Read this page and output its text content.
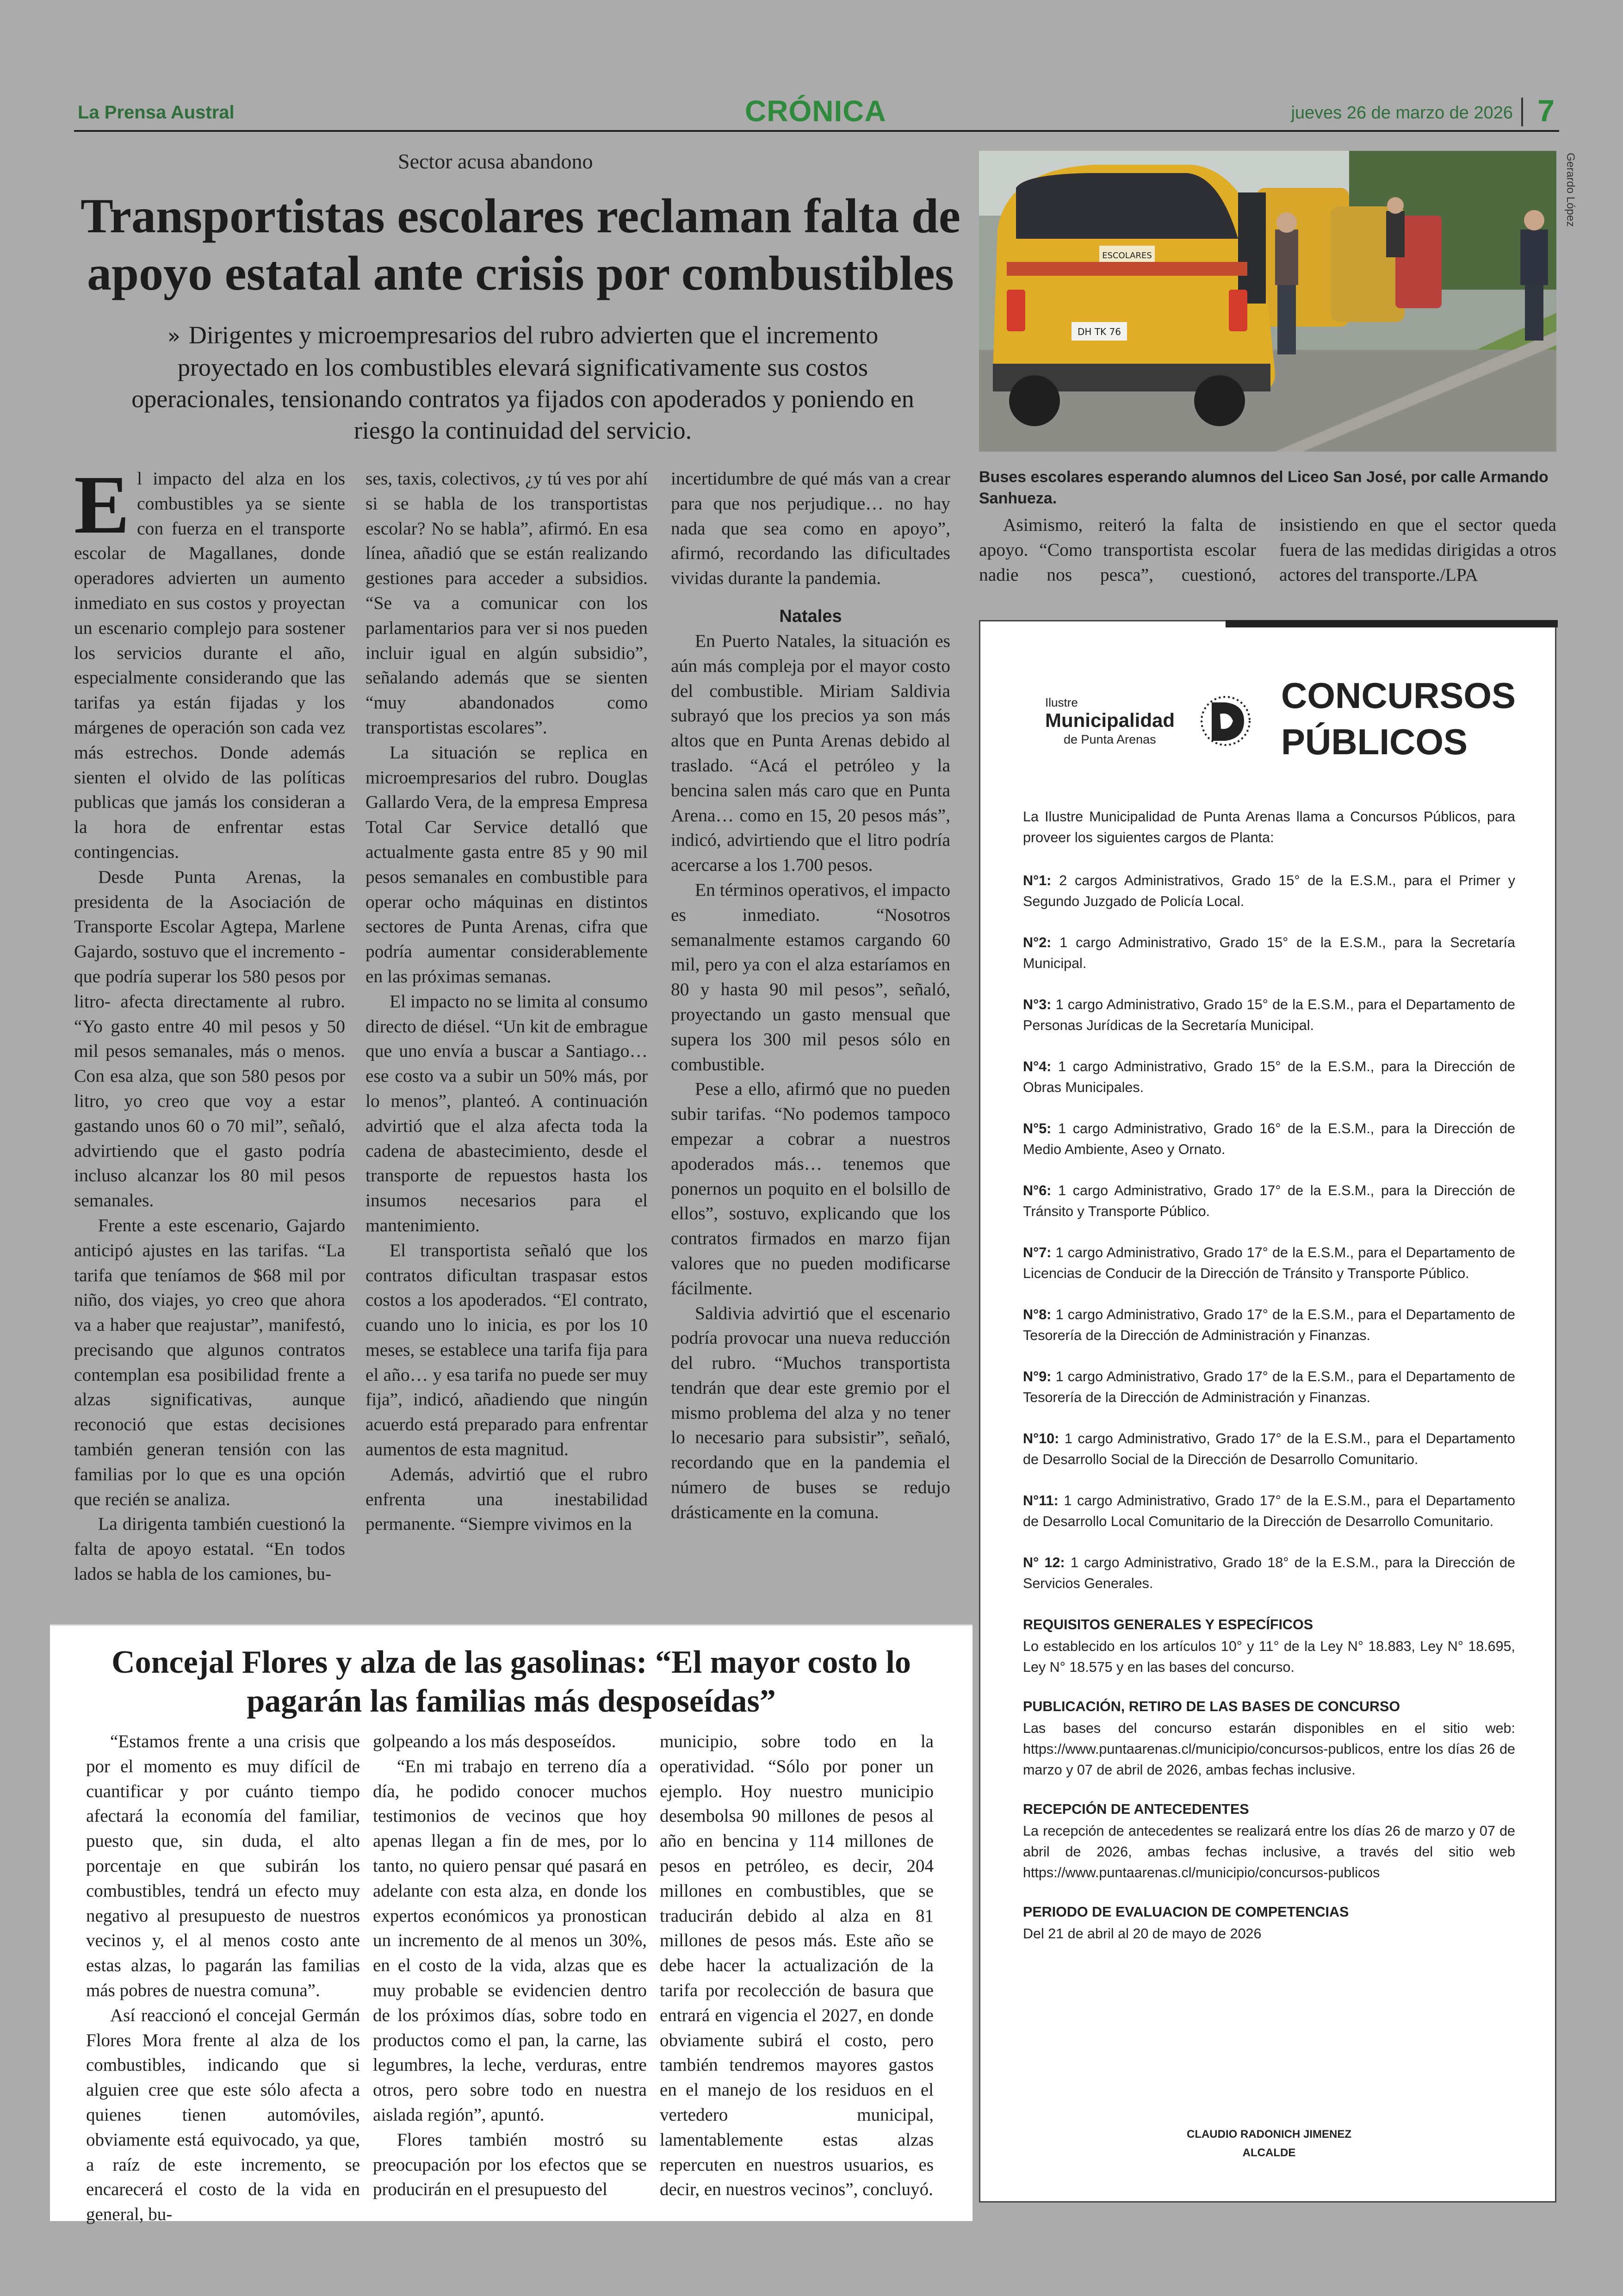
La Prensa Austral	CRÓNICA	jueves 26 de marzo de 2026 7
Sector acusa abandono
Transportistas escolares reclaman falta de apoyo estatal ante crisis por combustibles
» Dirigentes y microempresarios del rubro advierten que el incremento proyectado en los combustibles elevará significativamente sus costos operacionales, tensionando contratos ya fijados con apoderados y poniendo en riesgo la continuidad del servicio.
ESCOLARES
DH TK 76
Gerardo López
Buses escolares esperando alumnos del Liceo San José, por calle Armando Sanhueza.

El impacto del alza en los combustibles ya se siente con fuerza en el transporte escolar de Magallanes, donde operadores advierten un aumento inmediato en sus costos y proyectan un escenario complejo para sostener los servicios durante el año, especialmente considerando que las tarifas ya están fijadas y los márgenes de operación son cada vez más estrechos. Donde además sienten el olvido de las políticas publicas que jamás los consideran a la hora de enfrentar estas contingencias.

Desde Punta Arenas, la presidenta de la Asociación de Transporte Escolar Agtepa, Marlene Gajardo, sostuvo que el incremento -que podría superar los 580 pesos por litro- afecta directamente al rubro. “Yo gasto entre 40 mil pesos y 50 mil pesos semanales, más o menos. Con esa alza, que son 580 pesos por litro, yo creo que voy a estar gastando unos 60 o 70 mil”, señaló, advirtiendo que el gasto podría incluso alcanzar los 80 mil pesos semanales.

Frente a este escenario, Gajardo anticipó ajustes en las tarifas. “La tarifa que teníamos de $68 mil por niño, dos viajes, yo creo que ahora va a haber que reajustar”, manifestó, precisando que algunos contratos contemplan esa posibilidad frente a alzas significativas, aunque reconoció que estas decisiones también generan tensión con las familias por lo que es una opción que recién se analiza.

La dirigenta también cuestionó la falta de apoyo estatal. “En todos lados se habla de los camiones, bu-

ses, taxis, colectivos, ¿y tú ves por ahí si se habla de los transportistas escolar? No se habla”, afirmó. En esa línea, añadió que se están realizando gestiones para acceder a subsidios. “Se va a comunicar con los parlamentarios para ver si nos pueden incluir igual en algún subsidio”, señalando además que se sienten “muy abandonados como transportistas escolares”.

La situación se replica en microempresarios del rubro. Douglas Gallardo Vera, de la empresa Empresa Total Car Service detalló que actualmente gasta entre 85 y 90 mil pesos semanales en combustible para operar ocho máquinas en distintos sectores de Punta Arenas, cifra que podría aumentar considerablemente en las próximas semanas.

El impacto no se limita al consumo directo de diésel. “Un kit de embrague que uno envía a buscar a Santiago… ese costo va a subir un 50% más, por lo menos”, planteó. A continuación advirtió que el alza afecta toda la cadena de abastecimiento, desde el transporte de repuestos hasta los insumos necesarios para el mantenimiento.

El transportista señaló que los contratos dificultan traspasar estos costos a los apoderados. “El contrato, cuando uno lo inicia, es por los 10 meses, se establece una tarifa fija para el año… y esa tarifa no puede ser muy fija”, indicó, añadiendo que ningún acuerdo está preparado para enfrentar aumentos de esta magnitud.

Además, advirtió que el rubro enfrenta una inestabilidad permanente. “Siempre vivimos en la

incertidumbre de qué más van a crear para que nos perjudique… no hay nada que sea como en apoyo”, afirmó, recordando las dificultades vividas durante la pandemia.

Natales

En Puerto Natales, la situación es aún más compleja por el mayor costo del combustible. Miriam Saldivia subrayó que los precios ya son más altos que en Punta Arenas debido al traslado. “Acá el petróleo y la bencina salen más caro que en Punta Arena… como en 15, 20 pesos más”, indicó, advirtiendo que el litro podría acercarse a los 1.700 pesos.

En términos operativos, el impacto es inmediato. “Nosotros semanalmente estamos cargando 60 mil, pero ya con el alza estaríamos en 80 y hasta 90 mil pesos”, señaló, proyectando un gasto mensual que supera los 300 mil pesos sólo en combustible.

Pese a ello, afirmó que no pueden subir tarifas. “No podemos tampoco empezar a cobrar a nuestros apoderados más… tenemos que ponernos un poquito en el bolsillo de ellos”, sostuvo, explicando que los contratos firmados en marzo fijan valores que no pueden modificarse fácilmente.

Saldivia advirtió que el escenario podría provocar una nueva reducción del rubro. “Muchos transportista tendrán que dear este gremio por el mismo problema del alza y no tener lo necesario para subsistir”, señaló, recordando que en la pandemia el número de buses se redujo drásticamente en la comuna.

Asimismo, reiteró la falta de apoyo. “Como transportista escolar nadie nos pesca”, cuestionó, insistiendo en que el sector queda fuera de las medidas dirigidas a otros actores del transporte./LPA

Concejal Flores y alza de las gasolinas: “El mayor costo lo pagarán las familias más desposeídas”

“Estamos frente a una crisis que por el momento es muy difícil de cuantificar y por cuánto tiempo afectará la economía del familiar, puesto que, sin duda, el alto porcentaje en que subirán los combustibles, tendrá un efecto muy negativo al presupuesto de nuestros vecinos y, el al menos costo ante estas alzas, lo pagarán las familias más pobres de nuestra comuna”.

Así reaccionó el concejal Germán Flores Mora frente al alza de los combustibles, indicando que si alguien cree que este sólo afecta a quienes tienen automóviles, obviamente está equivocado, ya que, a raíz de este incremento, se encarecerá el costo de la vida en general, bu-

golpeando a los más desposeídos.

“En mi trabajo en terreno día a día, he podido conocer muchos testimonios de vecinos que hoy apenas llegan a fin de mes, por lo tanto, no quiero pensar qué pasará en adelante con esta alza, en donde los expertos económicos ya pronostican un incremento de al menos un 30%, en el costo de la vida, alzas que es muy probable se evidencien dentro de los próximos días, sobre todo en productos como el pan, la carne, las legumbres, la leche, verduras, entre otros, pero sobre todo en nuestra aislada región”, apuntó.

Flores también mostró su preocupación por los efectos que se producirán en el presupuesto del

municipio, sobre todo en la operatividad. “Sólo por poner un ejemplo. Hoy nuestro municipio desembolsa 90 millones de pesos al año en bencina y 114 millones de pesos en petróleo, es decir, 204 millones en combustibles, que se traducirán debido al alza en 81 millones de pesos más. Este año se debe hacer la actualización de la tarifa por recolección de basura que entrará en vigencia el 2027, en donde obviamente subirá el costo, pero también tendremos mayores gastos en el manejo de los residuos en el vertedero municipal, lamentablemente estas alzas repercuten en nuestros usuarios, es decir, en nuestros vecinos”, concluyó.

Ilustre
Municipalidad
de Punta Arenas
CONCURSOS
PÚBLICOS

La Ilustre Municipalidad de Punta Arenas llama a Concursos Públicos, para proveer los siguientes cargos de Planta:

N°1: 2 cargos Administrativos, Grado 15° de la E.S.M., para el Primer y Segundo Juzgado de Policía Local.

N°2: 1 cargo Administrativo, Grado 15° de la E.S.M., para la Secretaría Municipal.

N°3: 1 cargo Administrativo, Grado 15° de la E.S.M., para el Departamento de Personas Jurídicas de la Secretaría Municipal.

N°4: 1 cargo Administrativo, Grado 15° de la E.S.M., para la Dirección de Obras Municipales.

N°5: 1 cargo Administrativo, Grado 16° de la E.S.M., para la Dirección de Medio Ambiente, Aseo y Ornato.

N°6: 1 cargo Administrativo, Grado 17° de la E.S.M., para la Dirección de Tránsito y Transporte Público.

N°7: 1 cargo Administrativo, Grado 17° de la E.S.M., para el Departamento de Licencias de Conducir de la Dirección de Tránsito y Transporte Público.

N°8: 1 cargo Administrativo, Grado 17° de la E.S.M., para el Departamento de Tesorería de la Dirección de Administración y Finanzas.

N°9: 1 cargo Administrativo, Grado 17° de la E.S.M., para el Departamento de Tesorería de la Dirección de Administración y Finanzas.

N°10: 1 cargo Administrativo, Grado 17° de la E.S.M., para el Departamento de Desarrollo Social de la Dirección de Desarrollo Comunitario.

N°11: 1 cargo Administrativo, Grado 17° de la E.S.M., para el Departamento de Desarrollo Local Comunitario de la Dirección de Desarrollo Comunitario.

N° 12: 1 cargo Administrativo, Grado 18° de la E.S.M., para la Dirección de Servicios Generales.

REQUISITOS GENERALES Y ESPECÍFICOS

Lo establecido en los artículos 10° y 11° de la Ley N° 18.883, Ley N° 18.695, Ley N° 18.575 y en las bases del concurso.

PUBLICACIÓN, RETIRO DE LAS BASES DE CONCURSO

Las bases del concurso estarán disponibles en el sitio web: https://www.puntaarenas.cl/municipio/concursos-publicos, entre los días 26 de marzo y 07 de abril de 2026, ambas fechas inclusive.

RECEPCIÓN DE ANTECEDENTES

La recepción de antecedentes se realizará entre los días 26 de marzo y 07 de abril de 2026, ambas fechas inclusive, a través del sitio web https://www.puntaarenas.cl/municipio/concursos-publicos

PERIODO DE EVALUACION DE COMPETENCIAS

Del 21 de abril al 20 de mayo de 2026

CLAUDIO RADONICH JIMENEZ
ALCALDE
